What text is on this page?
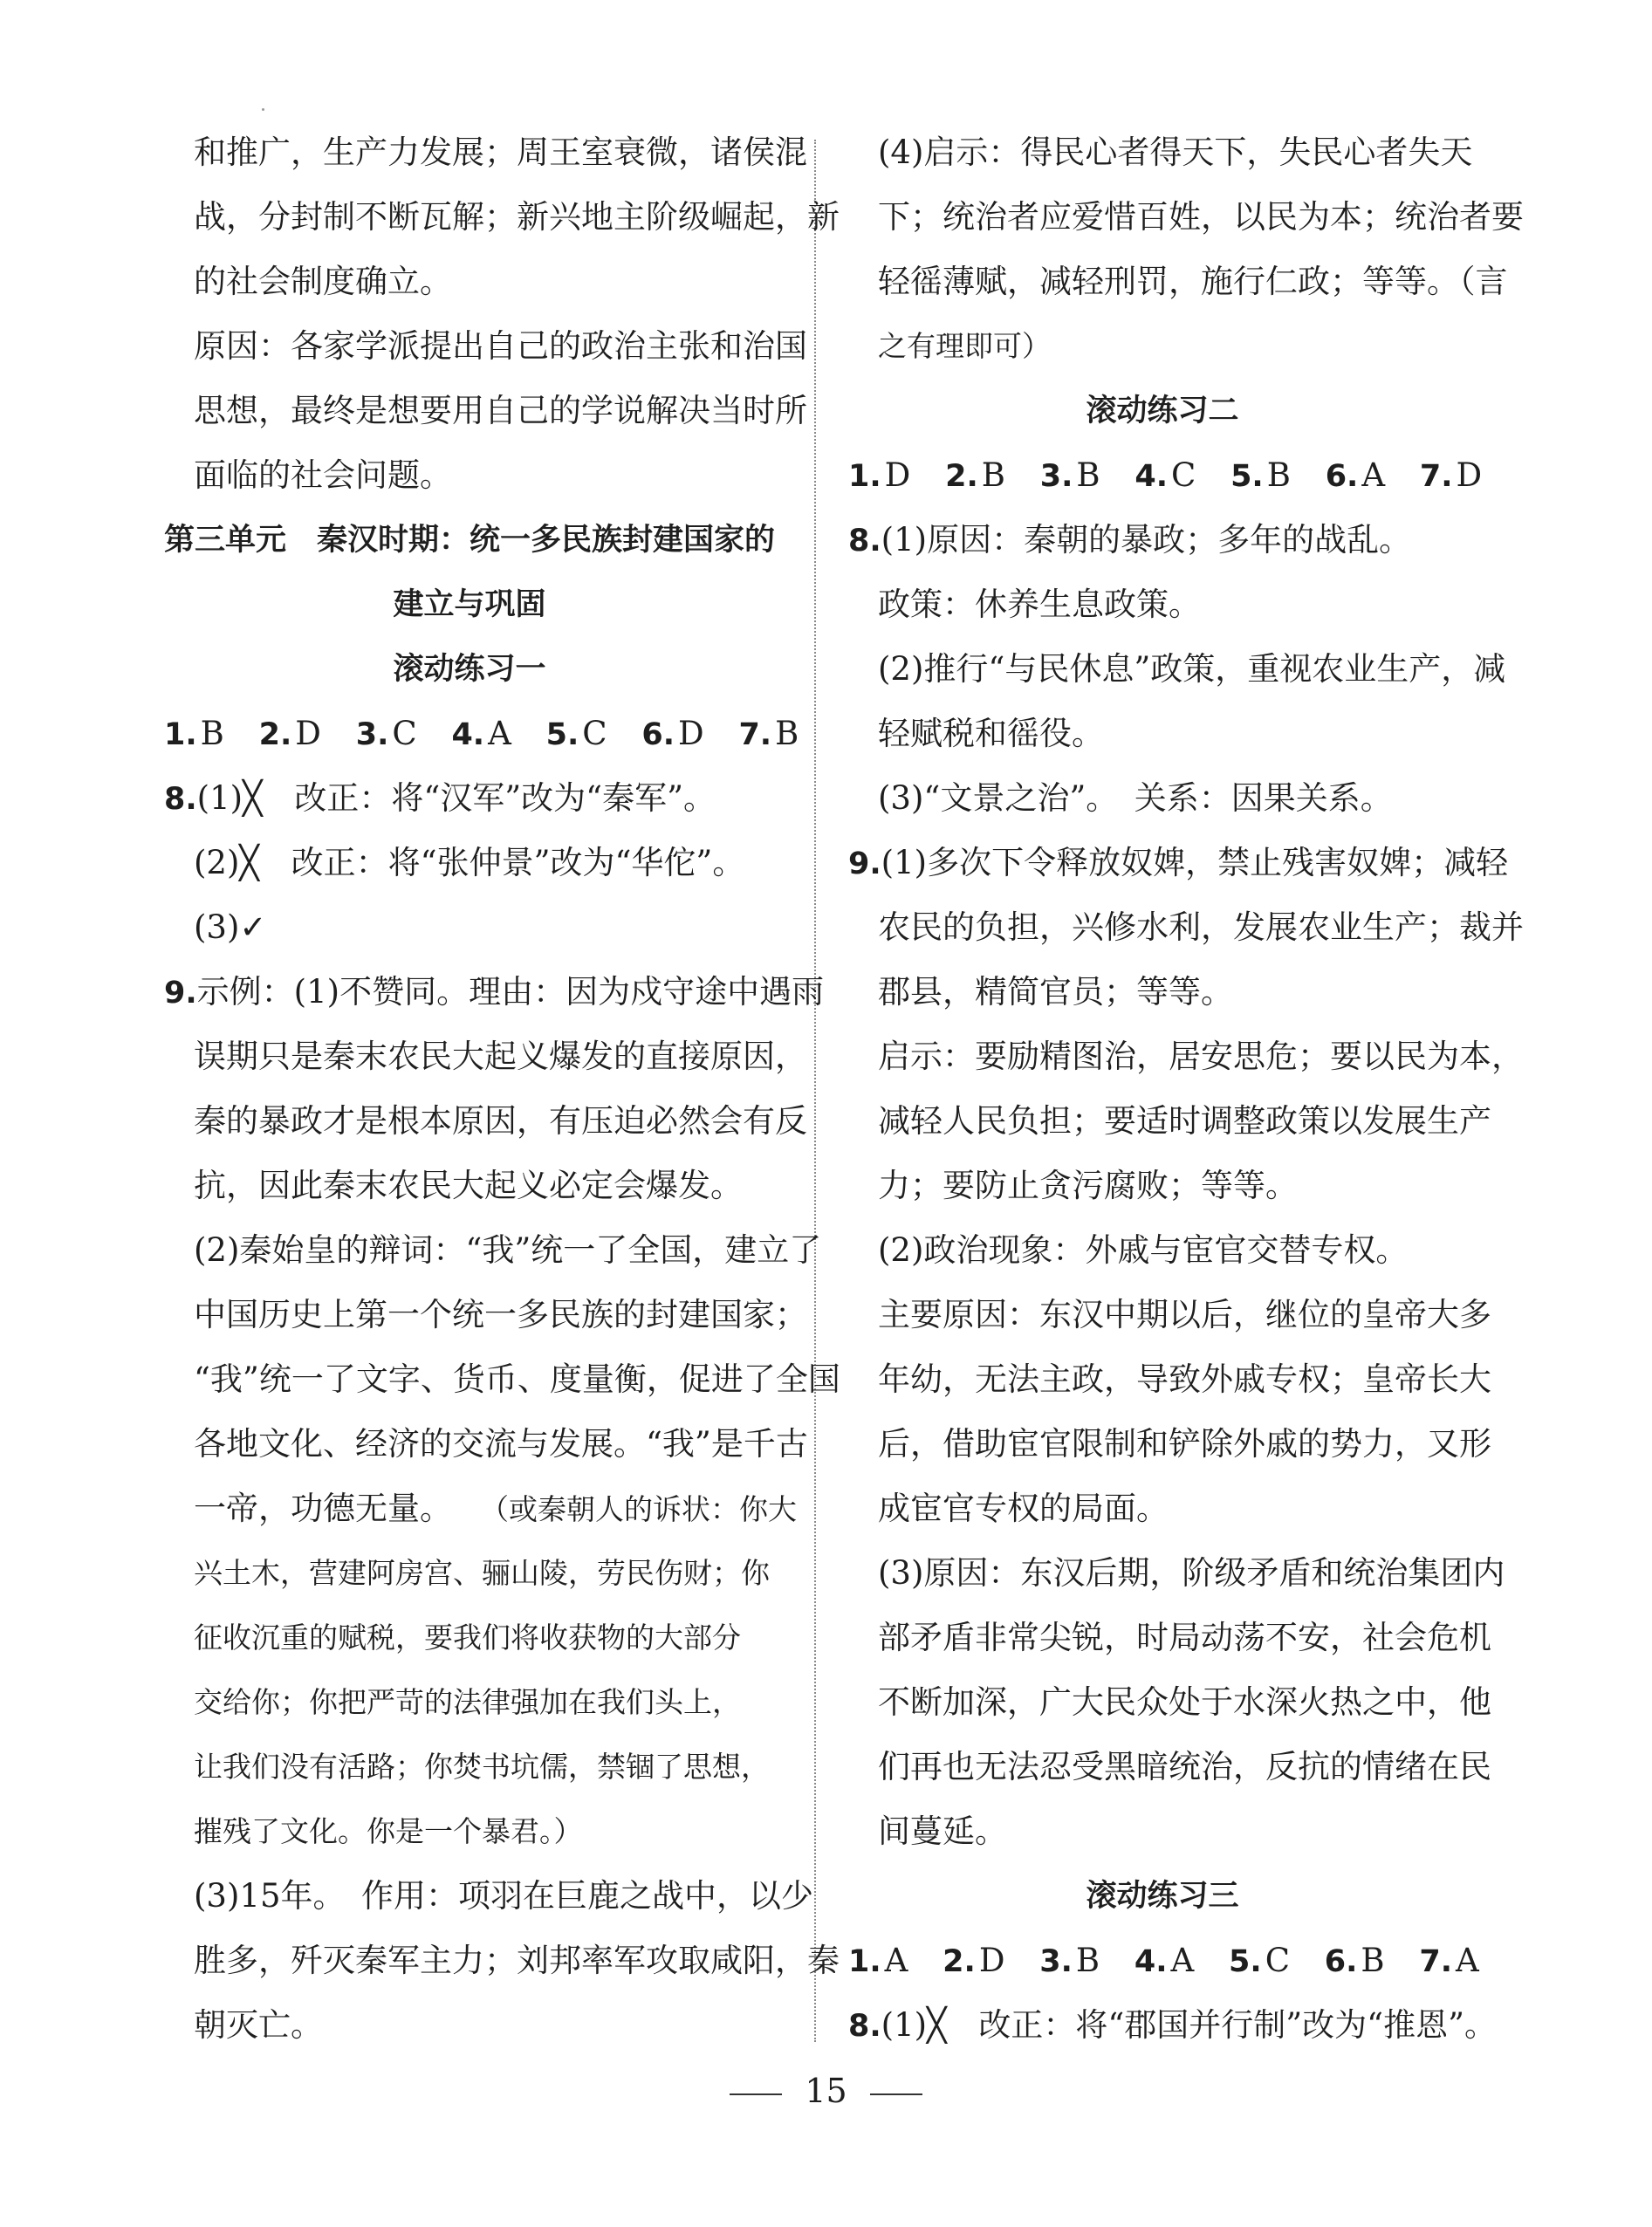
和推广，生产力发展；周王室衰微，诸侯混
战，分封制不断瓦解；新兴地主阶级崛起，新
的社会制度确立。
原因：各家学派提出自己的政治主张和治国
思想，最终是想要用自己的学说解决当时所
面临的社会问题。
第三单元　秦汉时期：统一多民族封建国家的
建立与巩固
滚动练习一
1. B 2. D 3. C 4. A 5. C 6. D 7. B
8.(1)╳　改正：将“汉军”改为“秦军”。
(2)╳　改正：将“张仲景”改为“华佗”。
(3)✓
9.示例：(1)不赞同。理由：因为戍守途中遇雨
误期只是秦末农民大起义爆发的直接原因，
秦的暴政才是根本原因，有压迫必然会有反
抗，因此秦末农民大起义必定会爆发。
(2)秦始皇的辩词：“我”统一了全国，建立了
中国历史上第一个统一多民族的封建国家；
“我”统一了文字、货币、度量衡，促进了全国
各地文化、经济的交流与发展。“我”是千古
一帝，功德无量。 （或秦朝人的诉状：你大
兴土木，营建阿房宫、骊山陵，劳民伤财；你
征收沉重的赋税，要我们将收获物的大部分
交给你；你把严苛的法律强加在我们头上，
让我们没有活路；你焚书坑儒，禁锢了思想，
摧残了文化。你是一个暴君。）
(3)15年。　作用：项羽在巨鹿之战中，以少
胜多，歼灭秦军主力；刘邦率军攻取咸阳，秦
朝灭亡。
(4)启示：得民心者得天下，失民心者失天
下；统治者应爱惜百姓，以民为本；统治者要
轻徭薄赋，减轻刑罚，施行仁政；等等。（言
之有理即可）
滚动练习二
1. D 2. B 3. B 4. C 5. B 6. A 7. D
8.(1)原因：秦朝的暴政；多年的战乱。
政策：休养生息政策。
(2)推行“与民休息”政策，重视农业生产，减
轻赋税和徭役。
(3)“文景之治”。　关系：因果关系。
9.(1)多次下令释放奴婢，禁止残害奴婢；减轻
农民的负担，兴修水利，发展农业生产；裁并
郡县，精简官员；等等。
启示：要励精图治，居安思危；要以民为本，
减轻人民负担；要适时调整政策以发展生产
力；要防止贪污腐败；等等。
(2)政治现象：外戚与宦官交替专权。
主要原因：东汉中期以后，继位的皇帝大多
年幼，无法主政，导致外戚专权；皇帝长大
后，借助宦官限制和铲除外戚的势力，又形
成宦官专权的局面。
(3)原因：东汉后期，阶级矛盾和统治集团内
部矛盾非常尖锐，时局动荡不安，社会危机
不断加深，广大民众处于水深火热之中，他
们再也无法忍受黑暗统治，反抗的情绪在民
间蔓延。
滚动练习三
1. A 2. D 3. B 4. A 5. C 6. B 7. A
8.(1)╳　改正：将“郡国并行制”改为“推恩”。
15
